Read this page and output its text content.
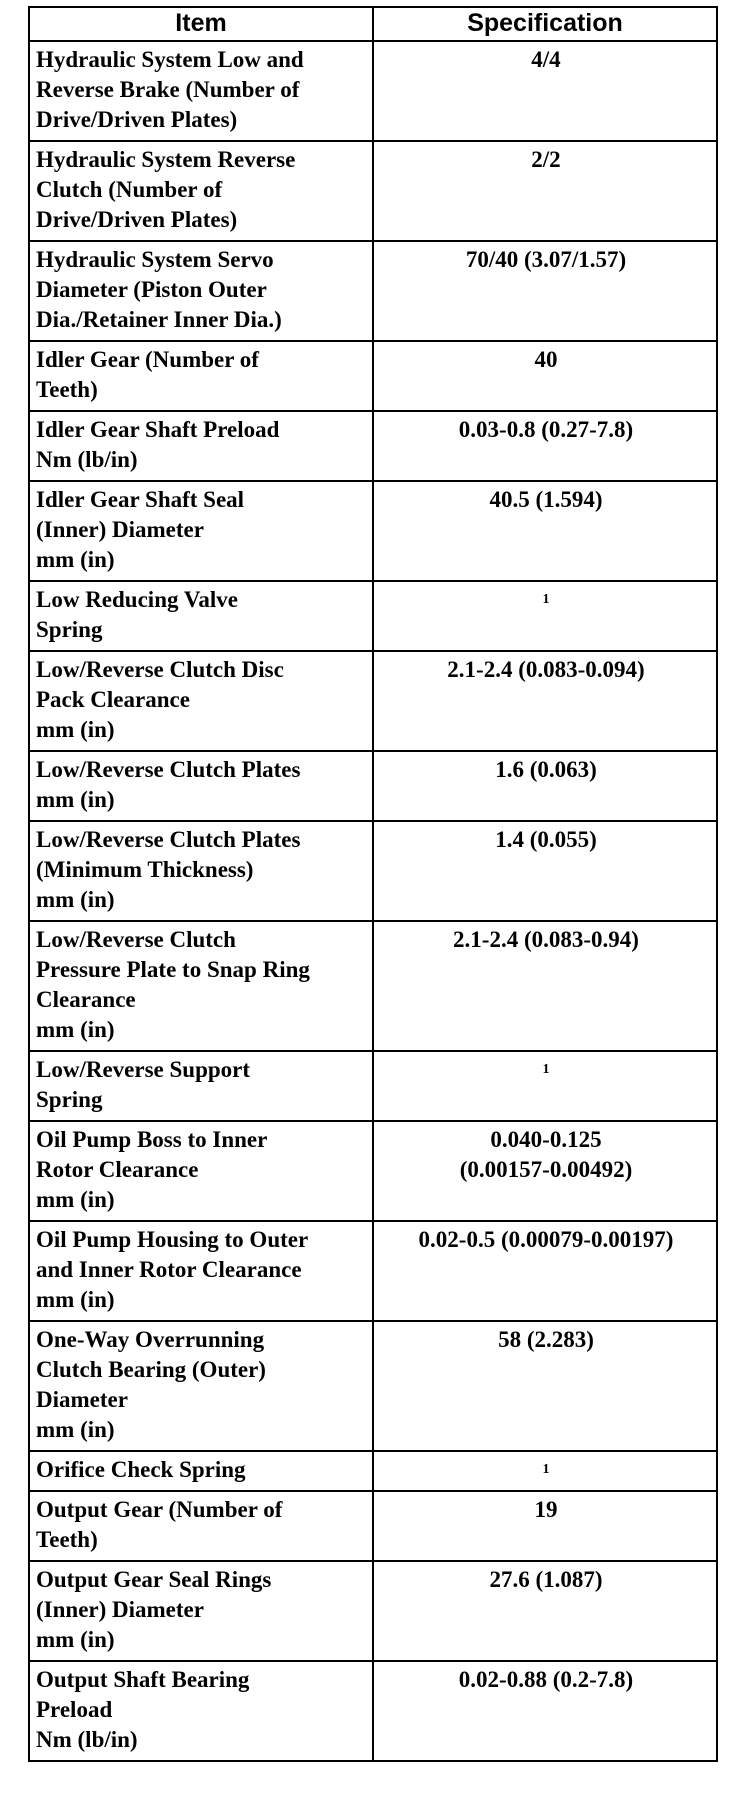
Item	Specification
Hydraulic System Low and
Reverse Brake (Number of
Drive/Driven Plates)	4/4
Hydraulic System Reverse
Clutch (Number of
Drive/Driven Plates)	2/2
Hydraulic System Servo
Diameter (Piston Outer
Dia./Retainer Inner Dia.)	70/40 (3.07/1.57)
Idler Gear (Number of
Teeth)	40
Idler Gear Shaft Preload
Nm (lb/in)	0.03-0.8 (0.27-7.8)
Idler Gear Shaft Seal
(Inner) Diameter
mm (in)	40.5 (1.594)
Low Reducing Valve
Spring	1
Low/Reverse Clutch Disc
Pack Clearance
mm (in)	2.1-2.4 (0.083-0.094)
Low/Reverse Clutch Plates
mm (in)	1.6 (0.063)
Low/Reverse Clutch Plates
(Minimum Thickness)
mm (in)	1.4 (0.055)
Low/Reverse Clutch
Pressure Plate to Snap Ring
Clearance
mm (in)	2.1-2.4 (0.083-0.94)
Low/Reverse Support
Spring	1
Oil Pump Boss to Inner
Rotor Clearance
mm (in)	0.040-0.125
(0.00157-0.00492)
Oil Pump Housing to Outer
and Inner Rotor Clearance
mm (in)	0.02-0.5 (0.00079-0.00197)
One-Way Overrunning
Clutch Bearing (Outer)
Diameter
mm (in)	58 (2.283)
Orifice Check Spring	1
Output Gear (Number of
Teeth)	19
Output Gear Seal Rings
(Inner) Diameter
mm (in)	27.6 (1.087)
Output Shaft Bearing
Preload
Nm (lb/in)	0.02-0.88 (0.2-7.8)
